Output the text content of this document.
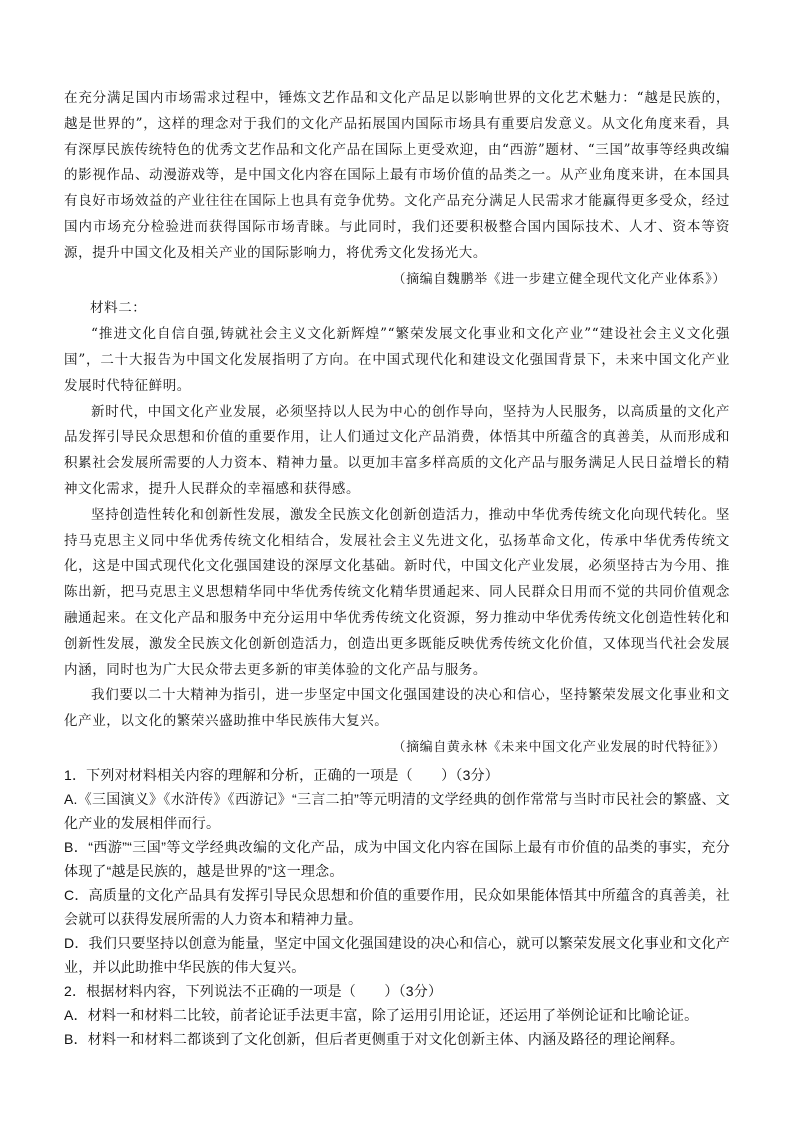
在充分满足国内市场需求过程中，锤炼文艺作品和文化产品足以影响世界的文化艺术魅力：“越是民族的，越是世界的”，这样的理念对于我们的文化产品拓展国内国际市场具有重要启发意义。从文化角度来看，具有深厚民族传统特色的优秀文艺作品和文化产品在国际上更受欢迎，由“西游”题材、“三国”故事等经典改编的影视作品、动漫游戏等，是中国文化内容在国际上最有市场价值的品类之一。从产业角度来讲，在本国具有良好市场效益的产业往往在国际上也具有竞争优势。文化产品充分满足人民需求才能赢得更多受众，经过国内市场充分检验进而获得国际市场青睐。与此同时，我们还要积极整合国内国际技术、人才、资本等资源，提升中国文化及相关产业的国际影响力，将优秀文化发扬光大。

（摘编自魏鹏举《进一步建立健全现代文化产业体系》）

材料二：

“推进文化自信自强,铸就社会主义文化新辉煌”“繁荣发展文化事业和文化产业”“建设社会主义文化强国”，二十大报告为中国文化发展指明了方向。在中国式现代化和建设文化强国背景下，未来中国文化产业发展时代特征鲜明。

新时代，中国文化产业发展，必须坚持以人民为中心的创作导向，坚持为人民服务，以高质量的文化产品发挥引导民众思想和价值的重要作用，让人们通过文化产品消费，体悟其中所蕴含的真善美，从而形成和积累社会发展所需要的人力资本、精神力量。以更加丰富多样高质的文化产品与服务满足人民日益增长的精神文化需求，提升人民群众的幸福感和获得感。

坚持创造性转化和创新性发展，激发全民族文化创新创造活力，推动中华优秀传统文化向现代转化。坚持马克思主义同中华优秀传统文化相结合，发展社会主义先进文化，弘扬革命文化，传承中华优秀传统文化，这是中国式现代化文化强国建设的深厚文化基础。新时代，中国文化产业发展，必须坚持古为今用、推陈出新，把马克思主义思想精华同中华优秀传统文化精华贯通起来、同人民群众日用而不觉的共同价值观念融通起来。在文化产品和服务中充分运用中华优秀传统文化资源，努力推动中华优秀传统文化创造性转化和创新性发展，激发全民族文化创新创造活力，创造出更多既能反映优秀传统文化价值，又体现当代社会发展内涵，同时也为广大民众带去更多新的审美体验的文化产品与服务。

我们要以二十大精神为指引，进一步坚定中国文化强国建设的决心和信心，坚持繁荣发展文化事业和文化产业，以文化的繁荣兴盛助推中华民族伟大复兴。

（摘编自黄永林《未来中国文化产业发展的时代特征》）

1．下列对材料相关内容的理解和分析，正确的一项是（　　）（3分）

A.《三国演义》《水浒传》《西游记》“三言二拍”等元明清的文学经典的创作常常与当时市民社会的繁盛、文化产业的发展相伴而行。

B．“西游”“三国”等文学经典改编的文化产品，成为中国文化内容在国际上最有市价值的品类的事实，充分体现了“越是民族的，越是世界的”这一理念。

C．高质量的文化产品具有发挥引导民众思想和价值的重要作用，民众如果能体悟其中所蕴含的真善美，社会就可以获得发展所需的人力资本和精神力量。

D．我们只要坚持以创意为能量，坚定中国文化强国建设的决心和信心，就可以繁荣发展文化事业和文化产业，并以此助推中华民族的伟大复兴。

2．根据材料内容，下列说法不正确的一项是（　　）（3分）

A．材料一和材料二比较，前者论证手法更丰富，除了运用引用论证，还运用了举例论证和比喻论证。

B．材料一和材料二都谈到了文化创新，但后者更侧重于对文化创新主体、内涵及路径的理论阐释。
